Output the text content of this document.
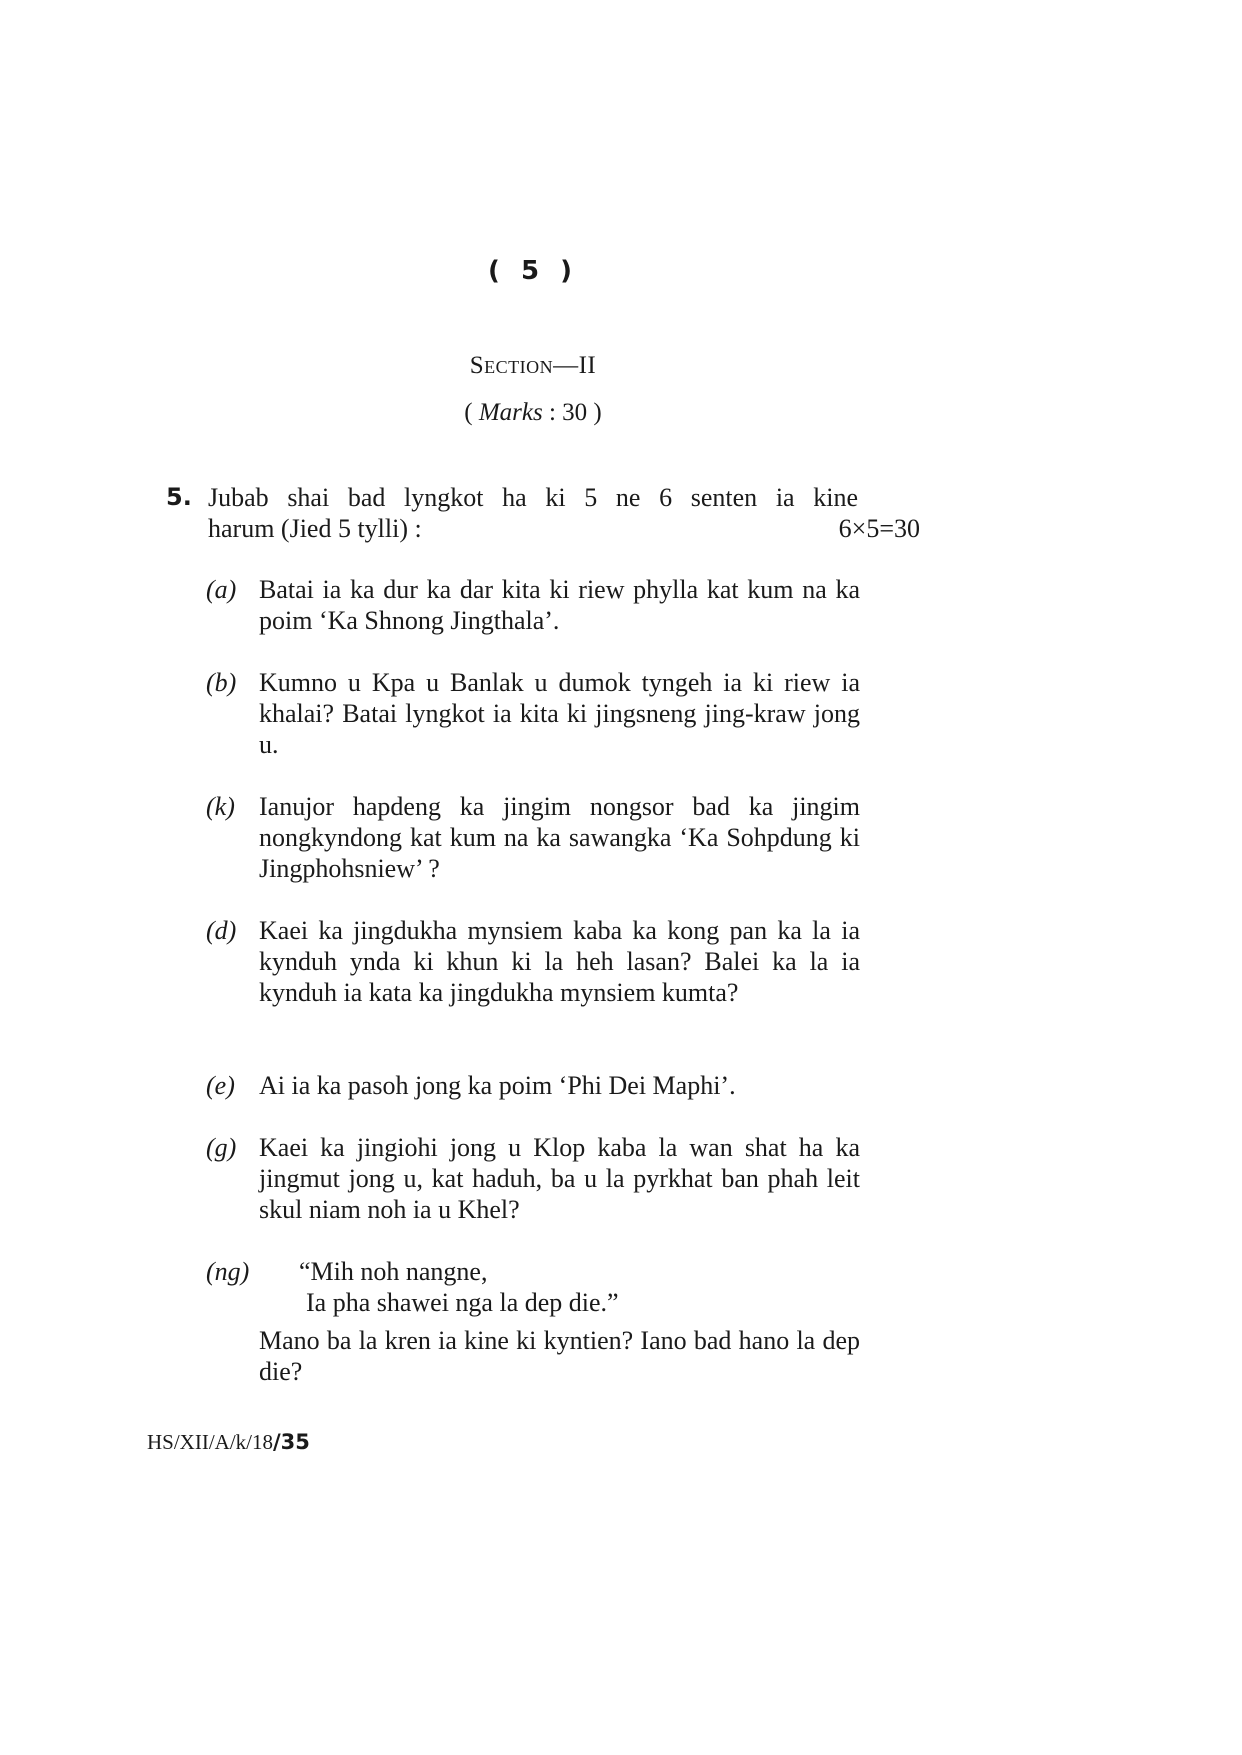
( 5 )
Section—II
( Marks : 30 )
5. Jubab shai bad lyngkot ha ki 5 ne 6 senten ia kine
harum (Jied 5 tylli) :	6×5=30
(a) Batai ia ka dur ka dar kita ki riew phylla kat kum na ka poim ‘Ka Shnong Jingthala’.
(b) Kumno u Kpa u Banlak u dumok tyngeh ia ki riew ia khalai? Batai lyngkot ia kita ki jingsneng jing-kraw jong u.
(k) Ianujor hapdeng ka jingim nongsor bad ka jingim nongkyndong kat kum na ka sawangka ‘Ka Sohpdung ki Jingphohsniew’ ?
(d) Kaei ka jingdukha mynsiem kaba ka kong pan ka la ia kynduh ynda ki khun ki la heh lasan? Balei ka la ia kynduh ia kata ka jingdukha mynsiem kumta?
(e) Ai ia ka pasoh jong ka poim ‘Phi Dei Maphi’.
(g) Kaei ka jingiohi jong u Klop kaba la wan shat ha ka jingmut jong u, kat haduh, ba u la pyrkhat ban phah leit skul niam noh ia u Khel?
(ng) “Mih noh nangne,
Ia pha shawei nga la dep die.”
Mano ba la kren ia kine ki kyntien? Iano bad hano la dep die?
HS/XII/A/k/18/35
